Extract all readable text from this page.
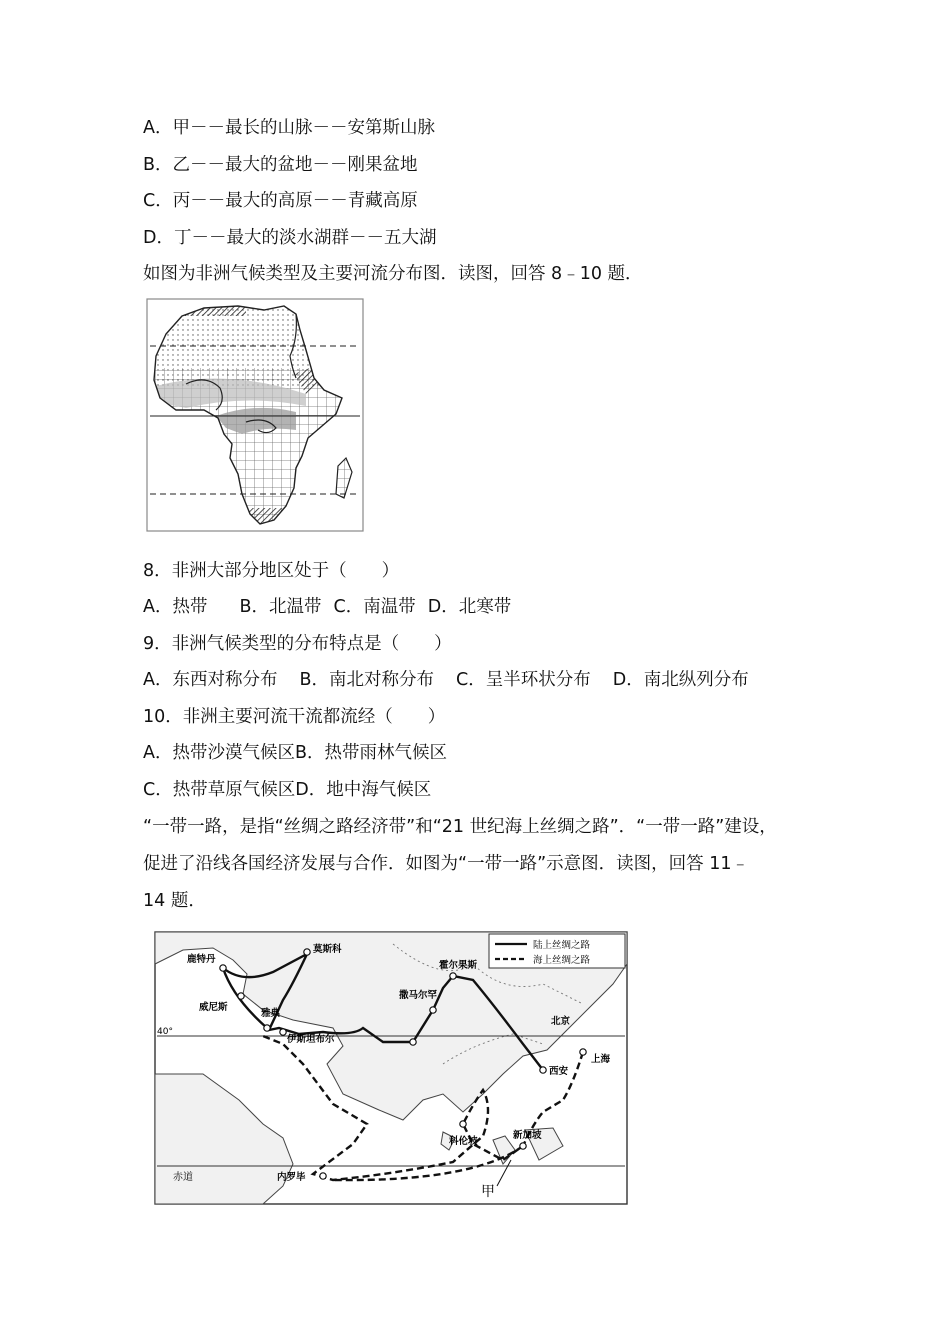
A．甲－－最长的山脉－－安第斯山脉
B．乙－－最大的盆地－－刚果盆地
C．丙－－最大的高原－－青藏高原
D．丁－－最大的淡水湖群－－五大湖
如图为非洲气候类型及主要河流分布图．读图，回答 8﹣10 题．
8．非洲大部分地区处于（　　）
A．热带 B．北温带 C．南温带 D．北寒带
9．非洲气候类型的分布特点是（　　）
A．东西对称分布 B．南北对称分布 C．呈半环状分布 D．南北纵列分布
10．非洲主要河流干流都流经（　　）
A．热带沙漠气候区B．热带雨林气候区
C．热带草原气候区D．地中海气候区
“一带一路，是指“丝绸之路经济带”和“21 世纪海上丝绸之路”．“一带一路”建设，
促进了沿线各国经济发展与合作．如图为“一带一路”示意图．读图，回答 11﹣
14 题．
40°
赤道
陆上丝绸之路
海上丝绸之路
莫斯科
鹿特丹
威尼斯
雅典
伊斯坦布尔
撒马尔罕
霍尔果斯
北京
西安
上海
科伦坡
新加坡
内罗毕
甲
